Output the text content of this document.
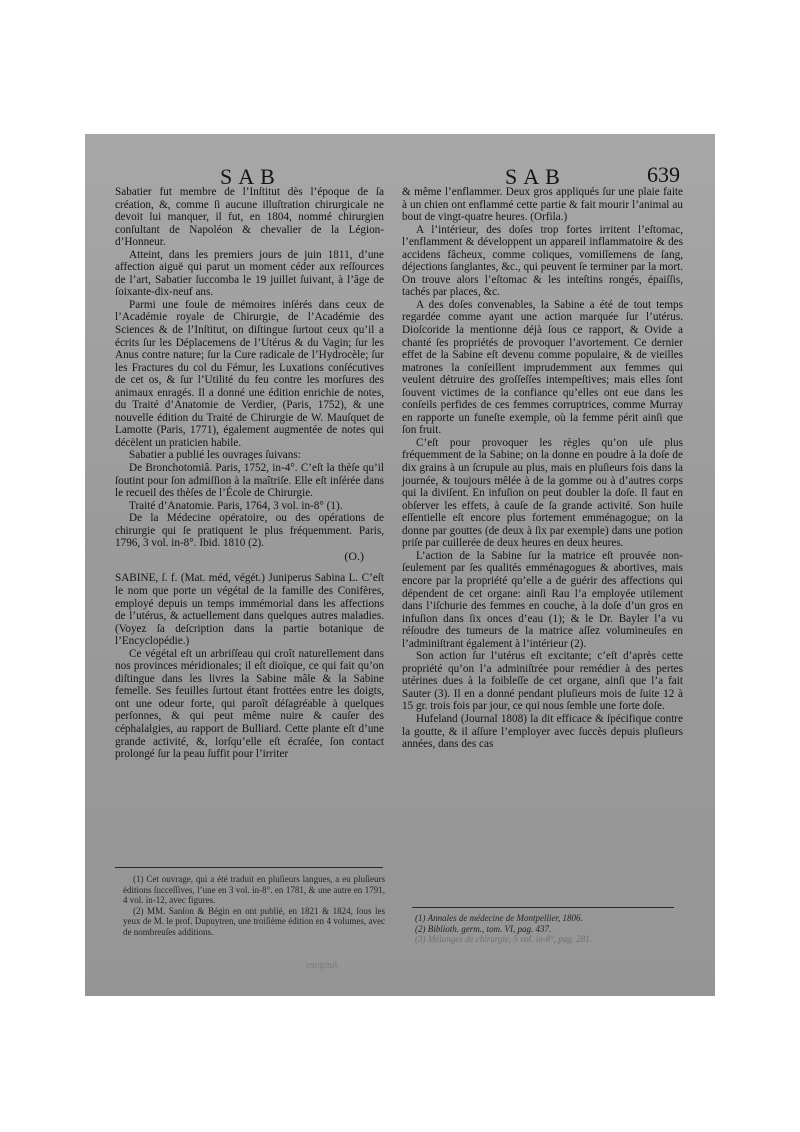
SAB	SAB	639

Sabatier fut membre de l’Inſtitut dès l’époque de ſa création, &, comme ſi aucune illuſtration chirurgicale ne devoit lui manquer, il fut, en 1804, nommé chirurgien conſultant de Napoléon & chevalier de la Légion-d’Honneur.

Atteint, dans les premiers jours de juin 1811, d’une affection aiguë qui parut un moment céder aux reſſources de l’art, Sabatier ſuccomba le 19 juillet ſuivant, à l’âge de ſoixante-dix-neuf ans.

Parmi une foule de mémoires inſérés dans ceux de l’Académie royale de Chirurgie, de l’Académie des Sciences & de l’Inſtitut, on diſtingue ſurtout ceux qu’il a écrits ſur les Déplacemens de l’Utérus & du Vagin; ſur les Anus contre nature; ſur la Cure radicale de l’Hydrocèle; ſur les Fractures du col du Fémur, les Luxations conſécutives de cet os, & ſur l’Utilité du feu contre les morſures des animaux enragés. Il a donné une édition enrichie de notes, du Traité d’Anatomie de Verdier, (Paris, 1752), & une nouvelle édition du Traité de Chirurgie de W. Mauſquet de Lamotte (Paris, 1771), également augmentée de notes qui décèlent un praticien habile.

Sabatier a publié les ouvrages ſuivans:

De Bronchotomiâ. Paris, 1752, in-4°. C’eſt la thèſe qu’il ſoutint pour ſon admiſſion à la maîtriſe. Elle eſt inſérée dans le recueil des thèſes de l’École de Chirurgie.

Traité d’Anatomie. Paris, 1764, 3 vol. in-8° (1).

De la Médecine opératoire, ou des opérations de chirurgie qui ſe pratiquent le plus fréquemment. Paris, 1796, 3 vol. in-8°. Ibid. 1810 (2).

(O.)

SABINE, ſ. f. (Mat. méd, végét.) Juniperus Sabina L. C’eſt le nom que porte un végétal de la famille des Conifères, employé depuis un temps immémorial dans les affections de l’utérus, & actuellement dans quelques autres maladies. (Voyez ſa deſcription dans la partie botanique de l’Encyclopédie.)

Ce végétal eſt un arbriſſeau qui croît naturellement dans nos provinces méridionales; il eſt dioïque, ce qui fait qu’on diſtingue dans les livres la Sabine mâle & la Sabine femelle. Ses feuilles ſurtout étant frottées entre les doigts, ont une odeur forte, qui paroît déſagréable à quelques perſonnes, & qui peut même nuire & cauſer des céphalalgies, au rapport de Bulliard. Cette plante eſt d’une grande activité, &, lorſqu’elle eſt écraſée, ſon contact prolongé ſur la peau ſuffit pour l’irriter

& même l’enflammer. Deux gros appliqués ſur une plaie faite à un chien ont enflammé cette partie & fait mourir l’animal au bout de vingt-quatre heures. (Orfila.)

A l’intérieur, des doſes trop fortes irritent l’eſtomac, l’enflamment & développent un appareil inflammatoire & des accidens fâcheux, comme coliques, vomiſſemens de ſang, déjections ſanglantes, &c., qui peuvent ſe terminer par la mort. On trouve alors l’eſtomac & les inteſtins rongés, épaiſſis, tachés par places, &c.

A des doſes convenables, la Sabine a été de tout temps regardée comme ayant une action marquée ſur l’utérus. Dioſcoride la mentionne déjà ſous ce rapport, & Ovide a chanté ſes propriétés de provoquer l’avortement. Ce dernier effet de la Sabine eſt devenu comme populaire, & de vieilles matrones la conſeillent imprudemment aux femmes qui veulent détruire des groſſeſſes intempeſtives; mais elles ſont ſouvent victimes de la confiance qu’elles ont eue dans les conſeils perfides de ces femmes corruptrices, comme Murray en rapporte un funeſte exemple, où la femme périt ainſi que ſon fruit.

C’eſt pour provoquer les règles qu’on uſe plus fréquemment de la Sabine; on la donne en poudre à la doſe de dix grains à un ſcrupule au plus, mais en pluſieurs fois dans la journée, & toujours mêlée à de la gomme ou à d’autres corps qui la diviſent. En infuſion on peut doubler la doſe. Il faut en obſerver les effets, à cauſe de ſa grande activité. Son huile eſſentielle eſt encore plus fortement emménagogue; on la donne par gouttes (de deux à ſix par exemple) dans une potion priſe par cuillerée de deux heures en deux heures.

L’action de la Sabine ſur la matrice eſt prouvée non-ſeulement par ſes qualités emménagogues & abortives, mais encore par la propriété qu’elle a de guérir des affections qui dépendent de cet organe: ainſi Rau l’a employée utilement dans l’iſchurie des femmes en couche, à la doſe d’un gros en infuſion dans ſix onces d’eau (1); & le Dr. Bayler l’a vu réſoudre des tumeurs de la matrice aſſez volumineuſes en l’adminiſtrant également à l’intérieur (2).

Son action ſur l’utérus eſt excitante; c’eſt d’après cette propriété qu’on l’a adminiſtrée pour remédier à des pertes utérines dues à la foibleſſe de cet organe, ainſi que l’a fait Sauter (3). Il en a donné pendant pluſieurs mois de ſuite 12 à 15 gr. trois fois par jour, ce qui nous ſemble une forte doſe.

Hufeland (Journal 1808) la dit efficace & ſpécifique contre la goutte, & il aſſure l’employer avec ſuccès depuis pluſieurs années, dans des cas

(1) Cet ouvrage, qui a été traduit en pluſieurs langues, a eu pluſieurs éditions ſucceſſives, l’une en 3 vol. in-8°. en 1781, & une autre en 1791, 4 vol. in-12, avec figures.

(2) MM. Sanſon & Bégin en ont publié, en 1821 & 1824, ſous les yeux de M. le prof. Dupuytren, une troiſième édition en 4 volumes, avec de nombreuſes additions.

(1) Annales de médecine de Montpellier, 1806.

(2) Biblioth. germ., tom. VI, pag. 437.

(3) Mélanges de chirurgie, 5 vol. in-8°, pag. 281.

Jungues
